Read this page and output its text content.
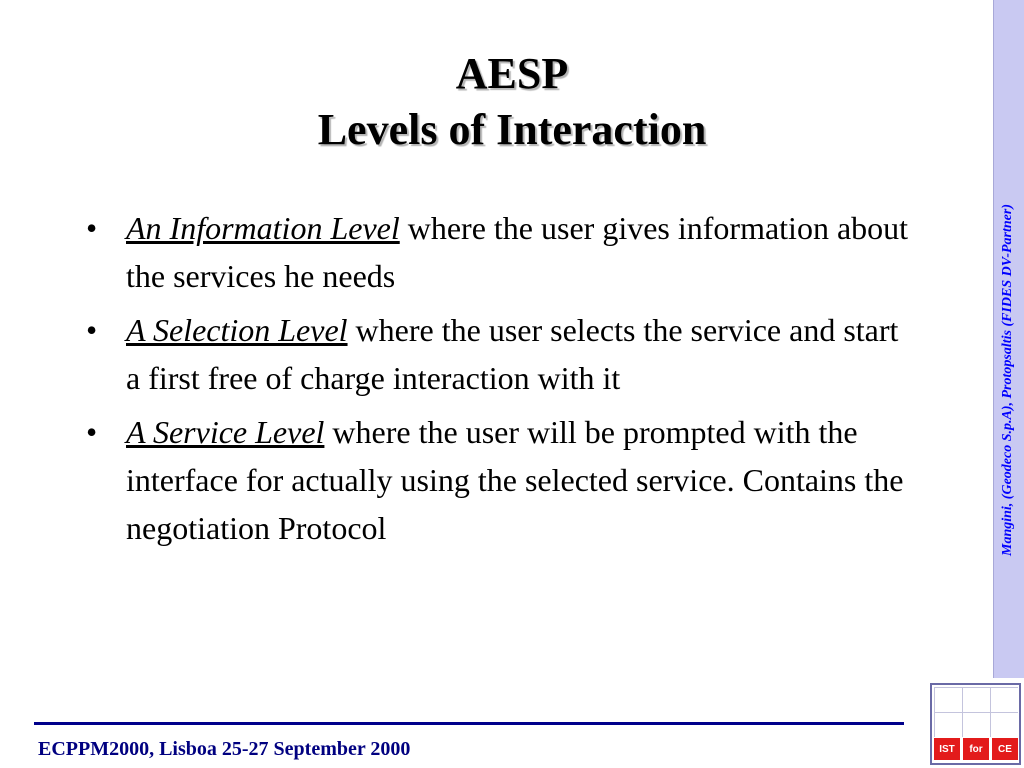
Mangini, (Geodeco S.p.A), Protopsaltis (FIDES DV-Partner)
AESP
Levels of Interaction
• An Information Level where the user gives information about the services he needs
• A Selection Level where the user selects the service and start a first free of charge interaction with it
• A Service Level where the user will be prompted with the interface for actually using the selected service. Contains the negotiation Protocol
ECPPM2000, Lisboa 25-27 September 2000	IST	for	CE
